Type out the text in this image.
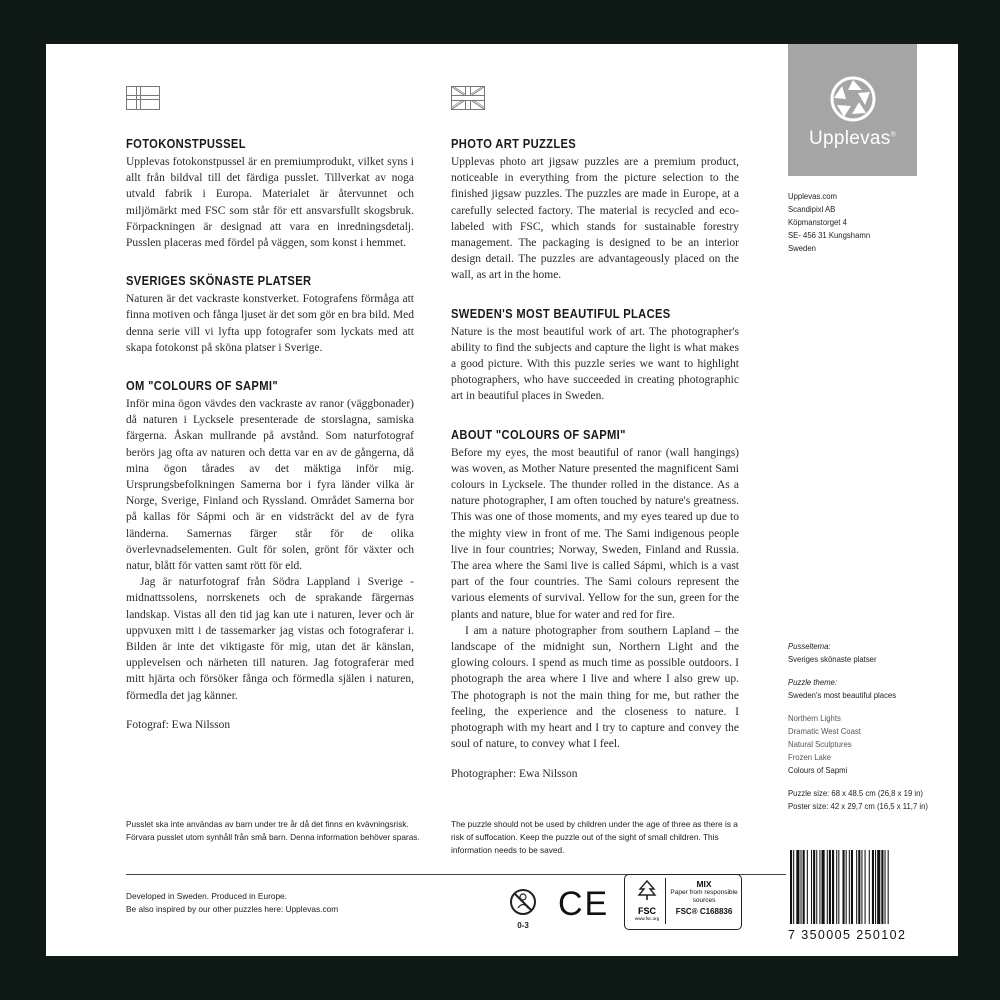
FOTOKONSTPUSSEL

Upplevas fotokonstpussel är en premiumprodukt, vilket syns i allt från bildval till det färdiga pusslet. Tillverkat av noga utvald fabrik i Europa. Materialet är återvunnet och miljömärkt med FSC som står för ett ansvarsfullt skogsbruk. Förpackningen är designad att vara en inredningsdetalj. Pusslen placeras med fördel på väggen, som konst i hemmet.

SVERIGES SKÖNASTE PLATSER

Naturen är det vackraste konstverket. Fotografens förmåga att finna motiven och fånga ljuset är det som gör en bra bild. Med denna serie vill vi lyfta upp fotografer som lyckats med att skapa fotokonst på sköna platser i Sverige.

OM "COLOURS OF SAPMI"

Inför mina ögon vävdes den vackraste av ranor (väggbonader) då naturen i Lycksele presenterade de storslagna, samiska färgerna. Åskan mullrande på avstånd. Som naturfotograf berörs jag ofta av naturen och detta var en av de gångerna, då mina ögon tårades av det mäktiga inför mig. Ursprungsbefolkningen Samerna bor i fyra länder vilka är Norge, Sverige, Finland och Ryssland. Området Samerna bor på kallas för Sápmi och är en vidsträckt del av de fyra länderna. Samernas färger står för de olika överlevnadselementen. Gult för solen, grönt för växter och natur, blått för vatten samt rött för eld.

Jag är naturfotograf från Södra Lappland i Sverige - midnattssolens, norrskenets och de sprakande färgernas landskap. Vistas all den tid jag kan ute i naturen, lever och är uppvuxen mitt i de tassemarker jag vistas och fotograferar i. Bilden är inte det viktigaste för mig, utan det är känslan, upplevelsen och närheten till naturen. Jag fotograferar med mitt hjärta och försöker fånga och förmedla själen i naturen, förmedla det jag känner.

Fotograf: Ewa Nilsson

PHOTO ART PUZZLES

Upplevas photo art jigsaw puzzles are a premium product, noticeable in everything from the picture selection to the finished jigsaw puzzles. The puzzles are made in Europe, at a carefully selected factory. The material is recycled and eco-labeled with FSC, which stands for sustainable forestry management. The packaging is designed to be an interior design detail. The puzzles are advantageously placed on the wall, as art in the home.

SWEDEN'S MOST BEAUTIFUL PLACES

Nature is the most beautiful work of art. The photographer's ability to find the subjects and capture the light is what makes a good picture. With this puzzle series we want to highlight photographers, who have succeeded in creating photographic art in beautiful places in Sweden.

ABOUT "COLOURS OF SAPMI"

Before my eyes, the most beautiful of ranor (wall hangings) was woven, as Mother Nature presented the magnificent Sami colours in Lycksele. The thunder rolled in the distance. As a nature photographer, I am often touched by nature's greatness. This was one of those moments, and my eyes teared up due to the mighty view in front of me. The Sami indigenous people live in four countries; Norway, Sweden, Finland and Russia. The area where the Sami live is called Sápmi, which is a vast part of the four countries. The Sami colours represent the various elements of survival. Yellow for the sun, green for the plants and nature, blue for water and red for fire.

I am a nature photographer from southern Lapland – the landscape of the midnight sun, Northern Light and the glowing colours. I spend as much time as possible outdoors. I photograph the area where I live and where I also grew up. The photograph is not the main thing for me, but rather the feeling, the experience and the closeness to nature. I photograph with my heart and I try to capture and convey the soul of nature, to convey what I feel.

Photographer: Ewa Nilsson

Upplevas®
Upplevas.com
Scandipixl AB
Köpmanstorget 4
SE- 456 31 Kungshamn
Sweden
Pusseltema:
Sveriges skönaste platser
Puzzle theme:
Sweden's most beautiful places
Northern Lights
Dramatic West Coast
Natural Sculptures
Frozen Lake
Colours of Sapmi
Puzzle size: 68 x 48.5 cm (26,8 x 19 in)
Poster size: 42 x 29,7 cm (16,5 x 11,7 in)
Pusslet ska inte användas av barn under tre år då det finns en kvävningsrisk. Förvara pusslet utom synhåll från små barn. Denna information behöver sparas.
The puzzle should not be used by children under the age of three as there is a risk of suffocation. Keep the puzzle out of the sight of small children. This information needs to be saved.
Developed in Sweden. Produced in Europe.
Be also inspired by our other puzzles here: Upplevas.com
0-3
CE	FSC
www.fsc.org
MIX
Paper from responsible sources
FSC® C168836
7 350005 250102
